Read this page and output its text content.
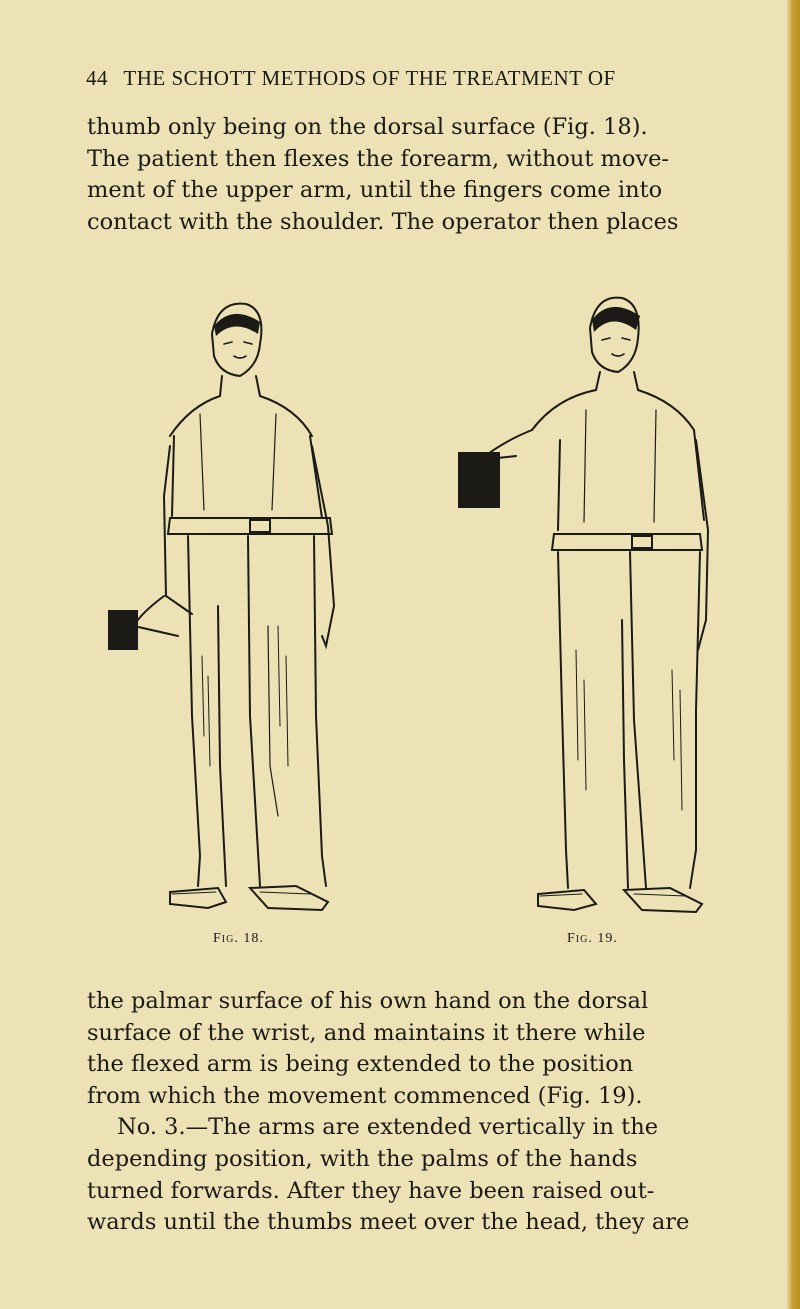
44 THE SCHOTT METHODS OF THE TREATMENT OF

thumb only being on the dorsal surface (Fig. 18).

The patient then flexes the forearm, without move-

ment of the upper arm, until the fingers come into

contact with the shoulder. The operator then places

Fig. 18.	Fig. 19.

the palmar surface of his own hand on the dorsal

surface of the wrist, and maintains it there while

the flexed arm is being extended to the position

from which the movement commenced (Fig. 19).

No. 3.—The arms are extended vertically in the

depending position, with the palms of the hands

turned forwards. After they have been raised out-

wards until the thumbs meet over the head, they are
